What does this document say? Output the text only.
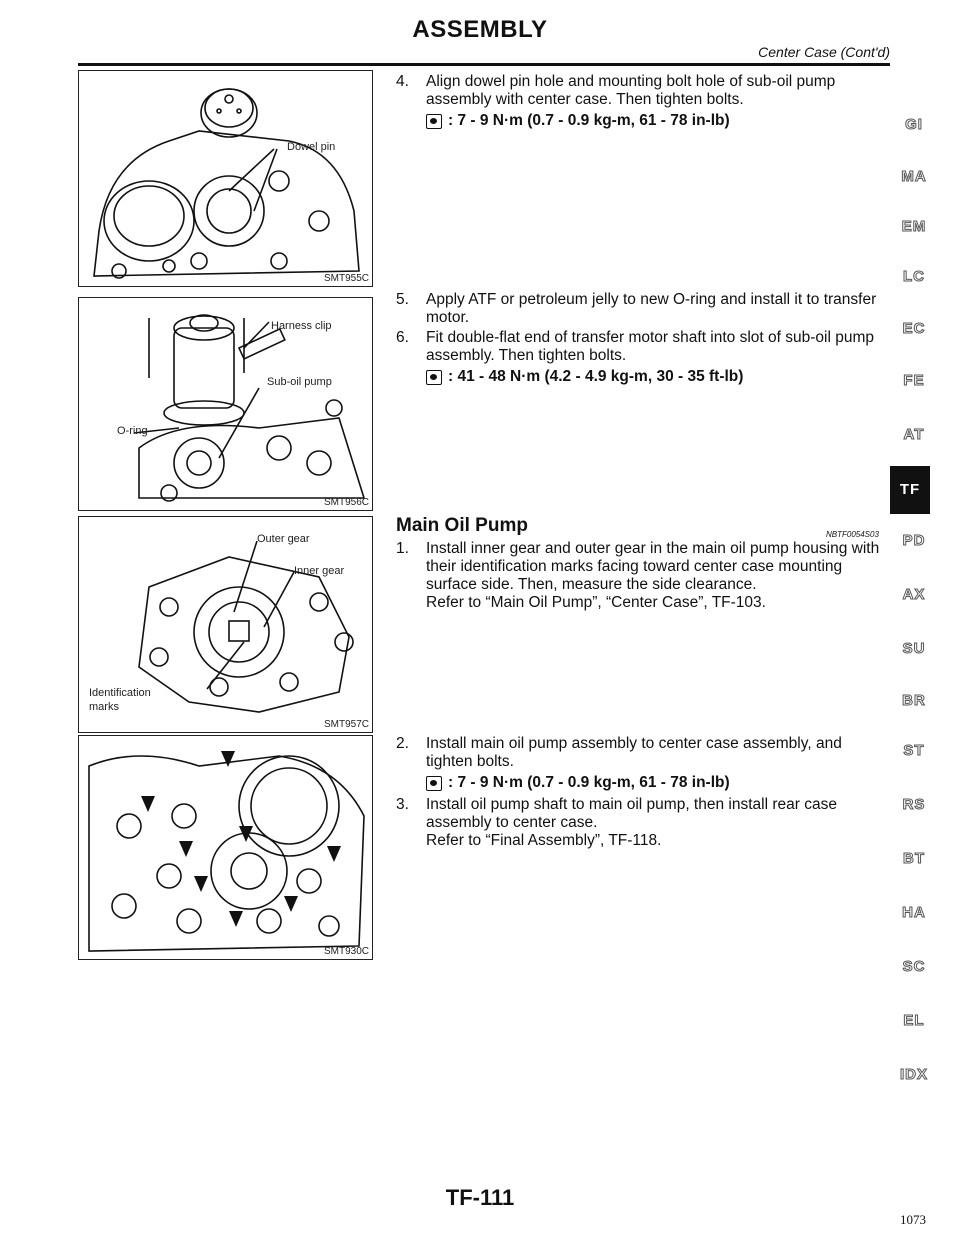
ASSEMBLY
Center Case (Cont'd)
Dowel pin
SMT955C
Harness clip
Sub-oil pump
O-ring
SMT956C
Outer gear
Inner gear
Identification
marks
SMT957C
SMT930C
4. Align dowel pin hole and mounting bolt hole of sub-oil pump assembly with center case. Then tighten bolts.
: 7 - 9 N·m (0.7 - 0.9 kg-m, 61 - 78 in-lb)
5. Apply ATF or petroleum jelly to new O-ring and install it to transfer motor.
6. Fit double-flat end of transfer motor shaft into slot of sub-oil pump assembly. Then tighten bolts.
: 41 - 48 N·m (4.2 - 4.9 kg-m, 30 - 35 ft-lb)
Main Oil Pump	NBTF0054S03
1. Install inner gear and outer gear in the main oil pump housing with their identification marks facing toward center case mounting surface side. Then, measure the side clearance.
Refer to “Main Oil Pump”, “Center Case”, TF-103.
2. Install main oil pump assembly to center case assembly, and tighten bolts.
: 7 - 9 N·m (0.7 - 0.9 kg-m, 61 - 78 in-lb)
3. Install oil pump shaft to main oil pump, then install rear case assembly to center case.
Refer to “Final Assembly”, TF-118.
GI
MA
EM
LC
EC
FE
AT
TF
PD
AX
SU
BR
ST
RS
BT
HA
SC
EL
IDX
TF-111
1073
